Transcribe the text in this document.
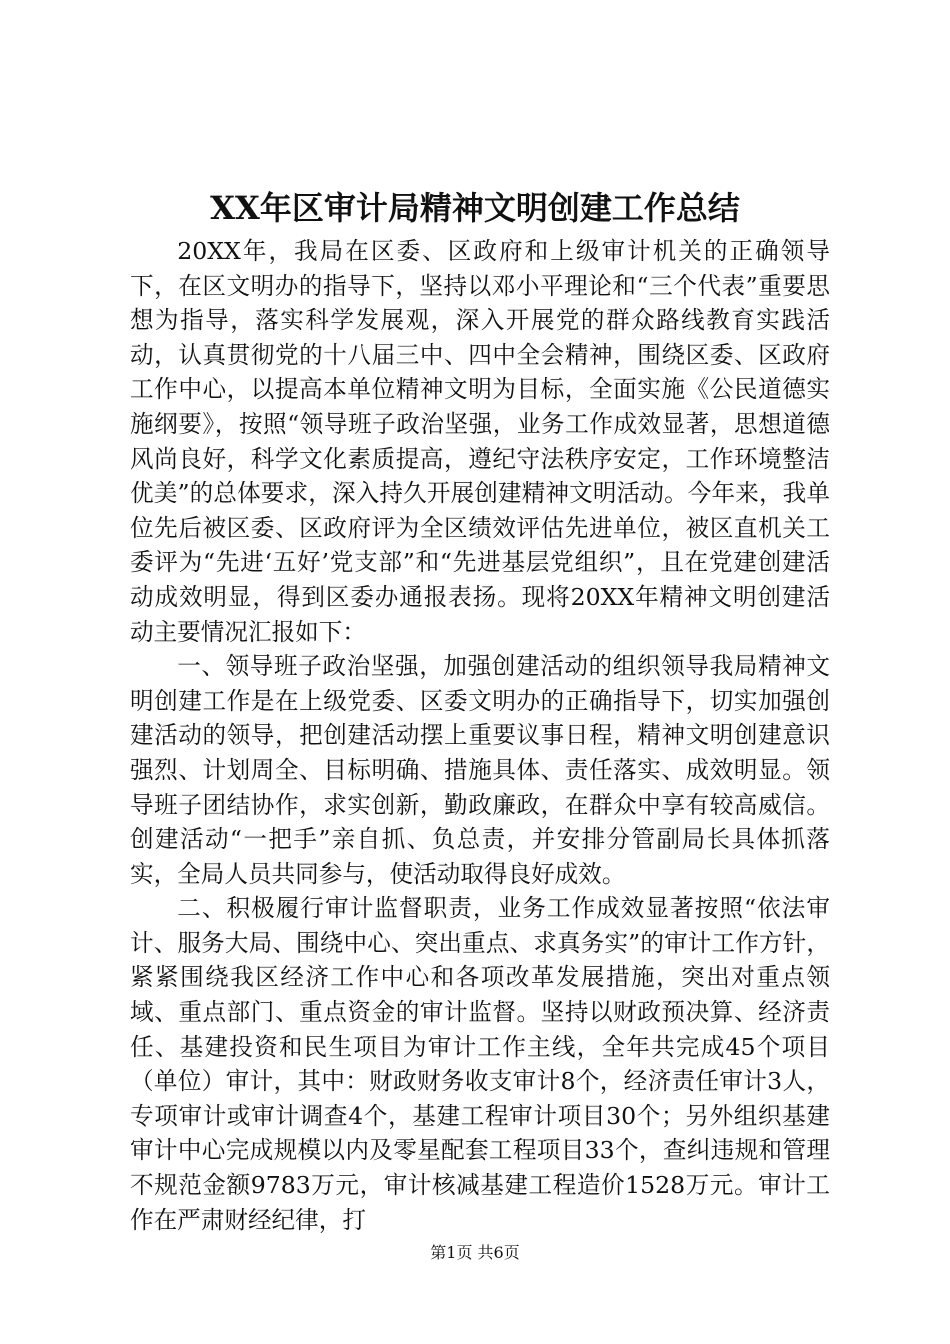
XX年区审计局精神文明创建工作总结

20XX年，我局在区委、区政府和上级审计机关的正确领导下，在区文明办的指导下，坚持以邓小平理论和“三个代表”重要思想为指导，落实科学发展观，深入开展党的群众路线教育实践活动，认真贯彻党的十八届三中、四中全会精神，围绕区委、区政府工作中心，以提高本单位精神文明为目标，全面实施《公民道德实施纲要》，按照“领导班子政治坚强，业务工作成效显著，思想道德风尚良好，科学文化素质提高，遵纪守法秩序安定，工作环境整洁优美”的总体要求，深入持久开展创建精神文明活动。今年来，我单位先后被区委、区政府评为全区绩效评估先进单位，被区直机关工委评为“先进‘五好’党支部”和“先进基层党组织”，且在党建创建活动成效明显，得到区委办通报表扬。现将20XX年精神文明创建活动主要情况汇报如下：

一、领导班子政治坚强，加强创建活动的组织领导我局精神文明创建工作是在上级党委、区委文明办的正确指导下，切实加强创建活动的领导，把创建活动摆上重要议事日程，精神文明创建意识强烈、计划周全、目标明确、措施具体、责任落实、成效明显。领导班子团结协作，求实创新，勤政廉政，在群众中享有较高威信。创建活动“一把手”亲自抓、负总责，并安排分管副局长具体抓落实，全局人员共同参与，使活动取得良好成效。

二、积极履行审计监督职责，业务工作成效显著按照“依法审计、服务大局、围绕中心、突出重点、求真务实”的审计工作方针，紧紧围绕我区经济工作中心和各项改革发展措施，突出对重点领域、重点部门、重点资金的审计监督。坚持以财政预决算、经济责任、基建投资和民生项目为审计工作主线，全年共完成45个项目（单位）审计，其中：财政财务收支审计8个，经济责任审计3人，专项审计或审计调查4个，基建工程审计项目30个；另外组织基建审计中心完成规模以内及零星配套工程项目33个，查纠违规和管理不规范金额9783万元，审计核减基建工程造价1528万元。审计工作在严肃财经纪律，打

第1页 共6页
